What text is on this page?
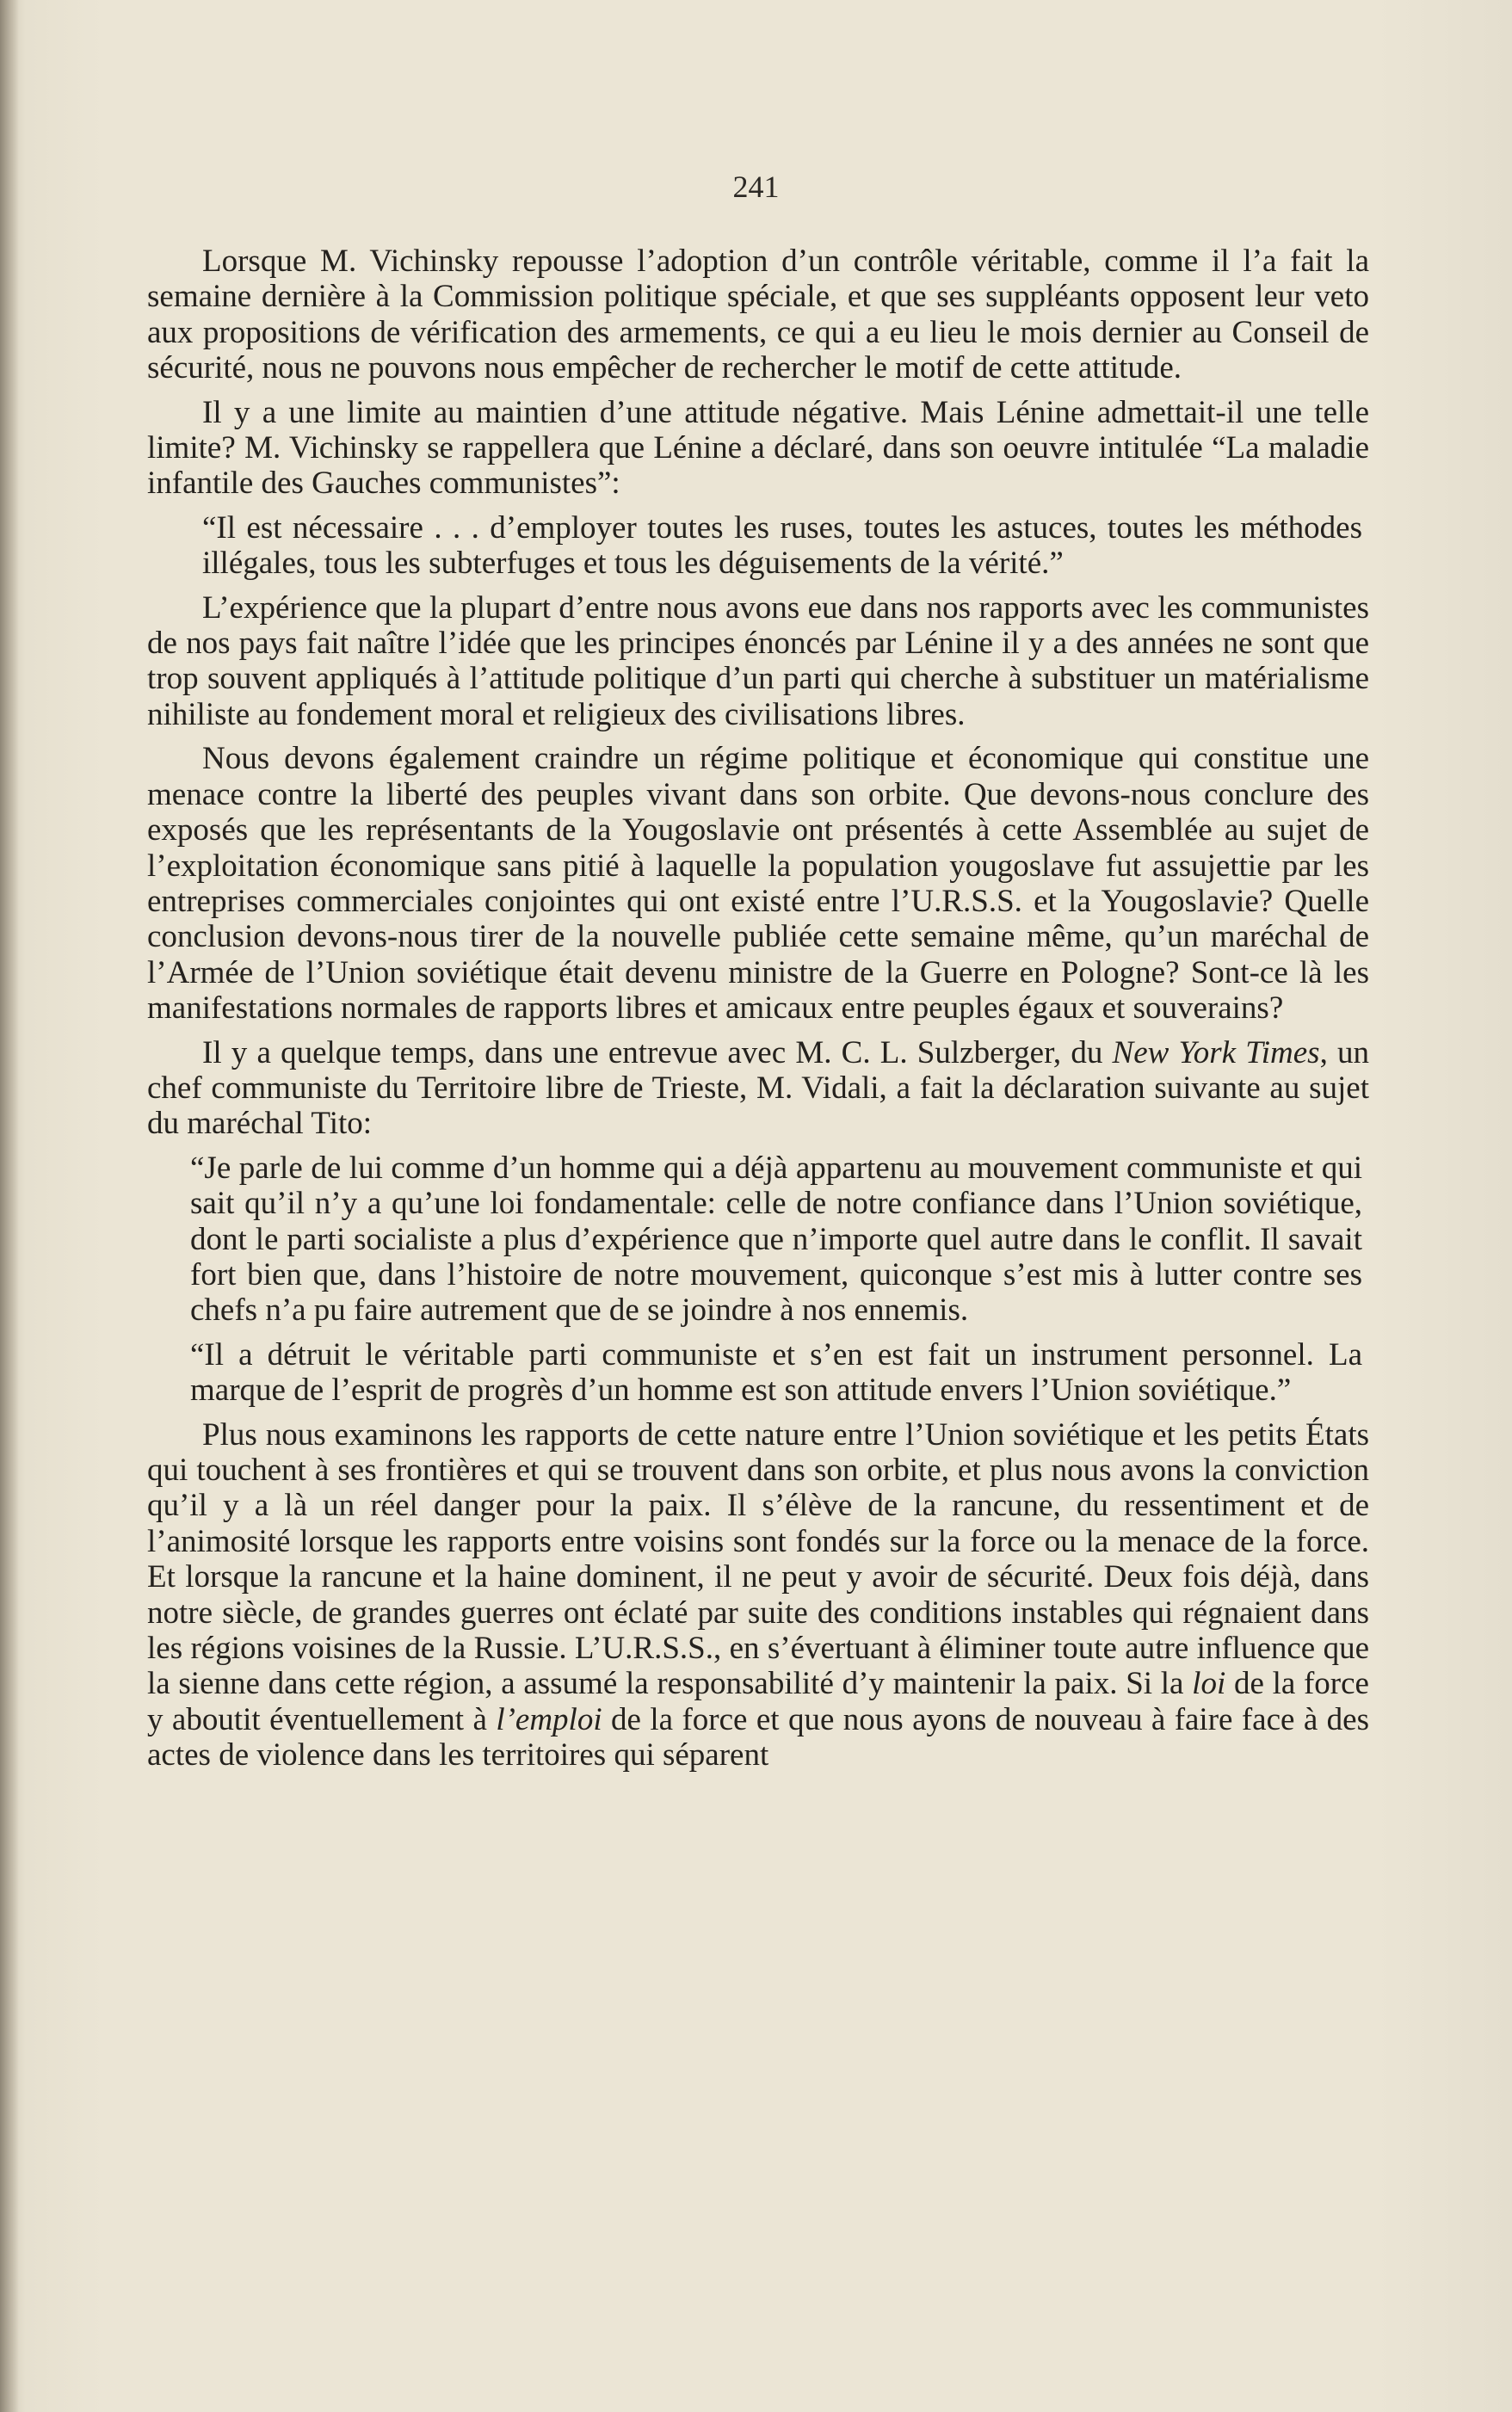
241

Lorsque M. Vichinsky repousse l’adoption d’un contrôle véritable, comme il l’a fait la semaine dernière à la Commission politique spéciale, et que ses suppléants opposent leur veto aux propositions de vérification des armements, ce qui a eu lieu le mois dernier au Conseil de sécurité, nous ne pouvons nous empêcher de rechercher le motif de cette attitude.

Il y a une limite au maintien d’une attitude négative. Mais Lénine admettait-il une telle limite? M. Vichinsky se rappellera que Lénine a déclaré, dans son oeuvre intitulée “La maladie infantile des Gauches communistes”:

“Il est nécessaire . . . d’employer toutes les ruses, toutes les astuces, toutes les méthodes illégales, tous les subterfuges et tous les déguisements de la vérité.”

L’expérience que la plupart d’entre nous avons eue dans nos rapports avec les communistes de nos pays fait naître l’idée que les principes énoncés par Lénine il y a des années ne sont que trop souvent appliqués à l’attitude politique d’un parti qui cherche à substituer un matérialisme nihiliste au fondement moral et religieux des civilisations libres.

Nous devons également craindre un régime politique et économique qui constitue une menace contre la liberté des peuples vivant dans son orbite. Que devons-nous conclure des exposés que les représentants de la Yougoslavie ont présentés à cette Assemblée au sujet de l’exploitation économique sans pitié à laquelle la population yougoslave fut assujettie par les entreprises commerciales conjointes qui ont existé entre l’U.R.S.S. et la Yougoslavie? Quelle conclusion devons-nous tirer de la nouvelle publiée cette semaine même, qu’un maréchal de l’Armée de l’Union soviétique était devenu ministre de la Guerre en Pologne? Sont-ce là les manifestations normales de rapports libres et amicaux entre peuples égaux et souverains?

Il y a quelque temps, dans une entrevue avec M. C. L. Sulzberger, du New York Times, un chef communiste du Territoire libre de Trieste, M. Vidali, a fait la déclaration suivante au sujet du maréchal Tito:

“Je parle de lui comme d’un homme qui a déjà appartenu au mouvement communiste et qui sait qu’il n’y a qu’une loi fondamentale: celle de notre confiance dans l’Union soviétique, dont le parti socialiste a plus d’expérience que n’importe quel autre dans le conflit. Il savait fort bien que, dans l’histoire de notre mouvement, quiconque s’est mis à lutter contre ses chefs n’a pu faire autrement que de se joindre à nos ennemis.

“Il a détruit le véritable parti communiste et s’en est fait un instrument personnel. La marque de l’esprit de progrès d’un homme est son attitude envers l’Union soviétique.”

Plus nous examinons les rapports de cette nature entre l’Union soviétique et les petits États qui touchent à ses frontières et qui se trouvent dans son orbite, et plus nous avons la conviction qu’il y a là un réel danger pour la paix. Il s’élève de la rancune, du ressentiment et de l’animosité lorsque les rapports entre voisins sont fondés sur la force ou la menace de la force. Et lorsque la rancune et la haine dominent, il ne peut y avoir de sécurité. Deux fois déjà, dans notre siècle, de grandes guerres ont éclaté par suite des conditions instables qui régnaient dans les régions voisines de la Russie. L’U.R.S.S., en s’évertuant à éliminer toute autre influence que la sienne dans cette région, a assumé la responsabilité d’y maintenir la paix. Si la loi de la force y aboutit éventuellement à l’emploi de la force et que nous ayons de nouveau à faire face à des actes de violence dans les territoires qui séparent
